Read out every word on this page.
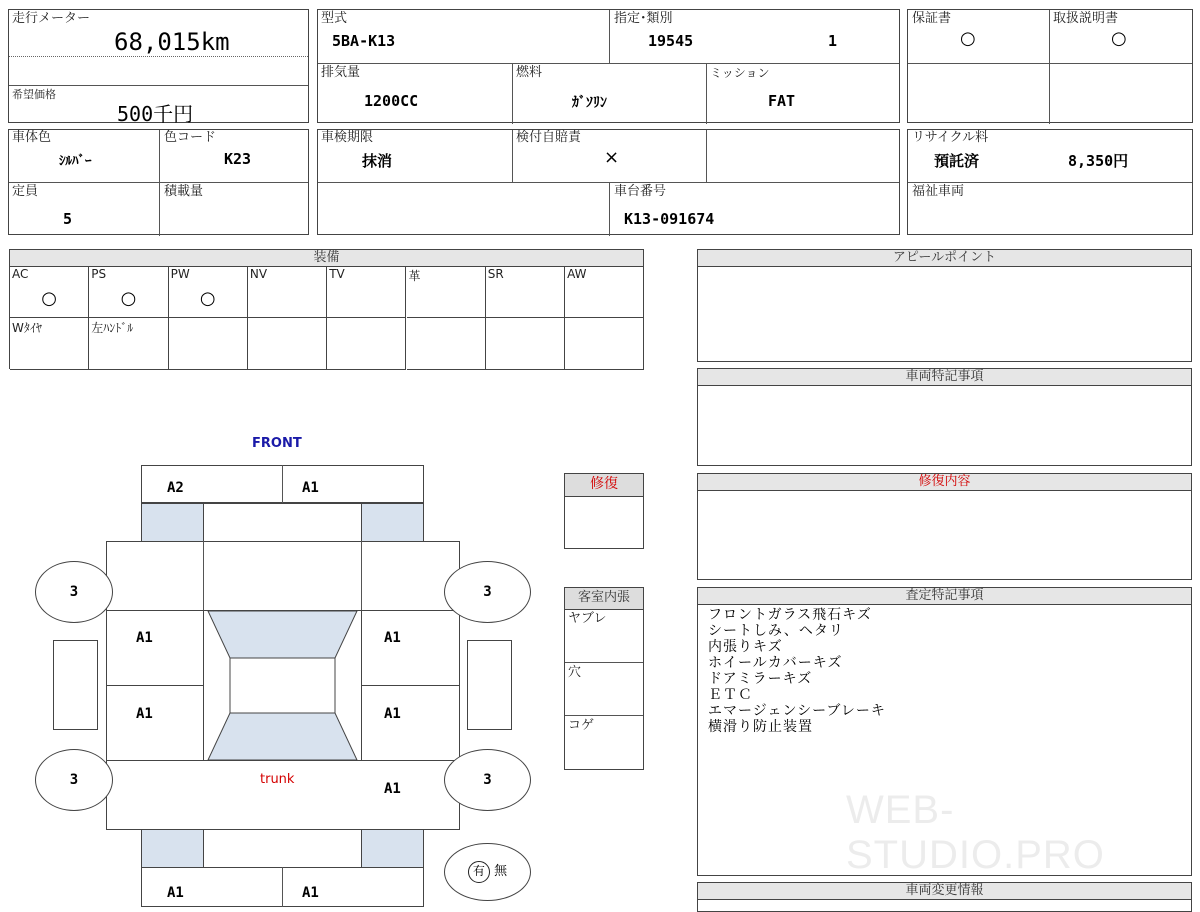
走行メーター
68,015km
希望価格
500千円
型式
5BA-K13
指定･類別
19545	1
排気量
1200CC
燃料
ｶﾞｿﾘﾝ
ミッション
FAT
保証書
○
取扱説明書
○
車体色
ｼﾙﾊﾞｰ
色コード
K23
定員
5
積載量
車検期限
抹消
検付自賠責
×
車台番号
K13-091674
リサイクル料
預託済	8,350円
福祉車両
装備
AC
○
PS
○
PW
○
NV	TV	革	SR	AW
Wﾀｲﾔ	左ﾊﾝﾄﾞﾙ
FRONT
A2	A1
A1
A1
A1
A1
trunk
A1
A1	A1
3	3
3	3
有 無
修復
客室内張
ヤブレ
穴
コゲ
アピールポイント
車両特記事項
修復内容
査定特記事項
フロントガラス飛石キズ
シートしみ、ヘタリ
内張りキズ
ホイールカバーキズ
ドアミラーキズ
ＥＴＣ
エマージェンシーブレーキ
横滑り防止装置
WEB-STUDIO.PRO
車両変更情報
